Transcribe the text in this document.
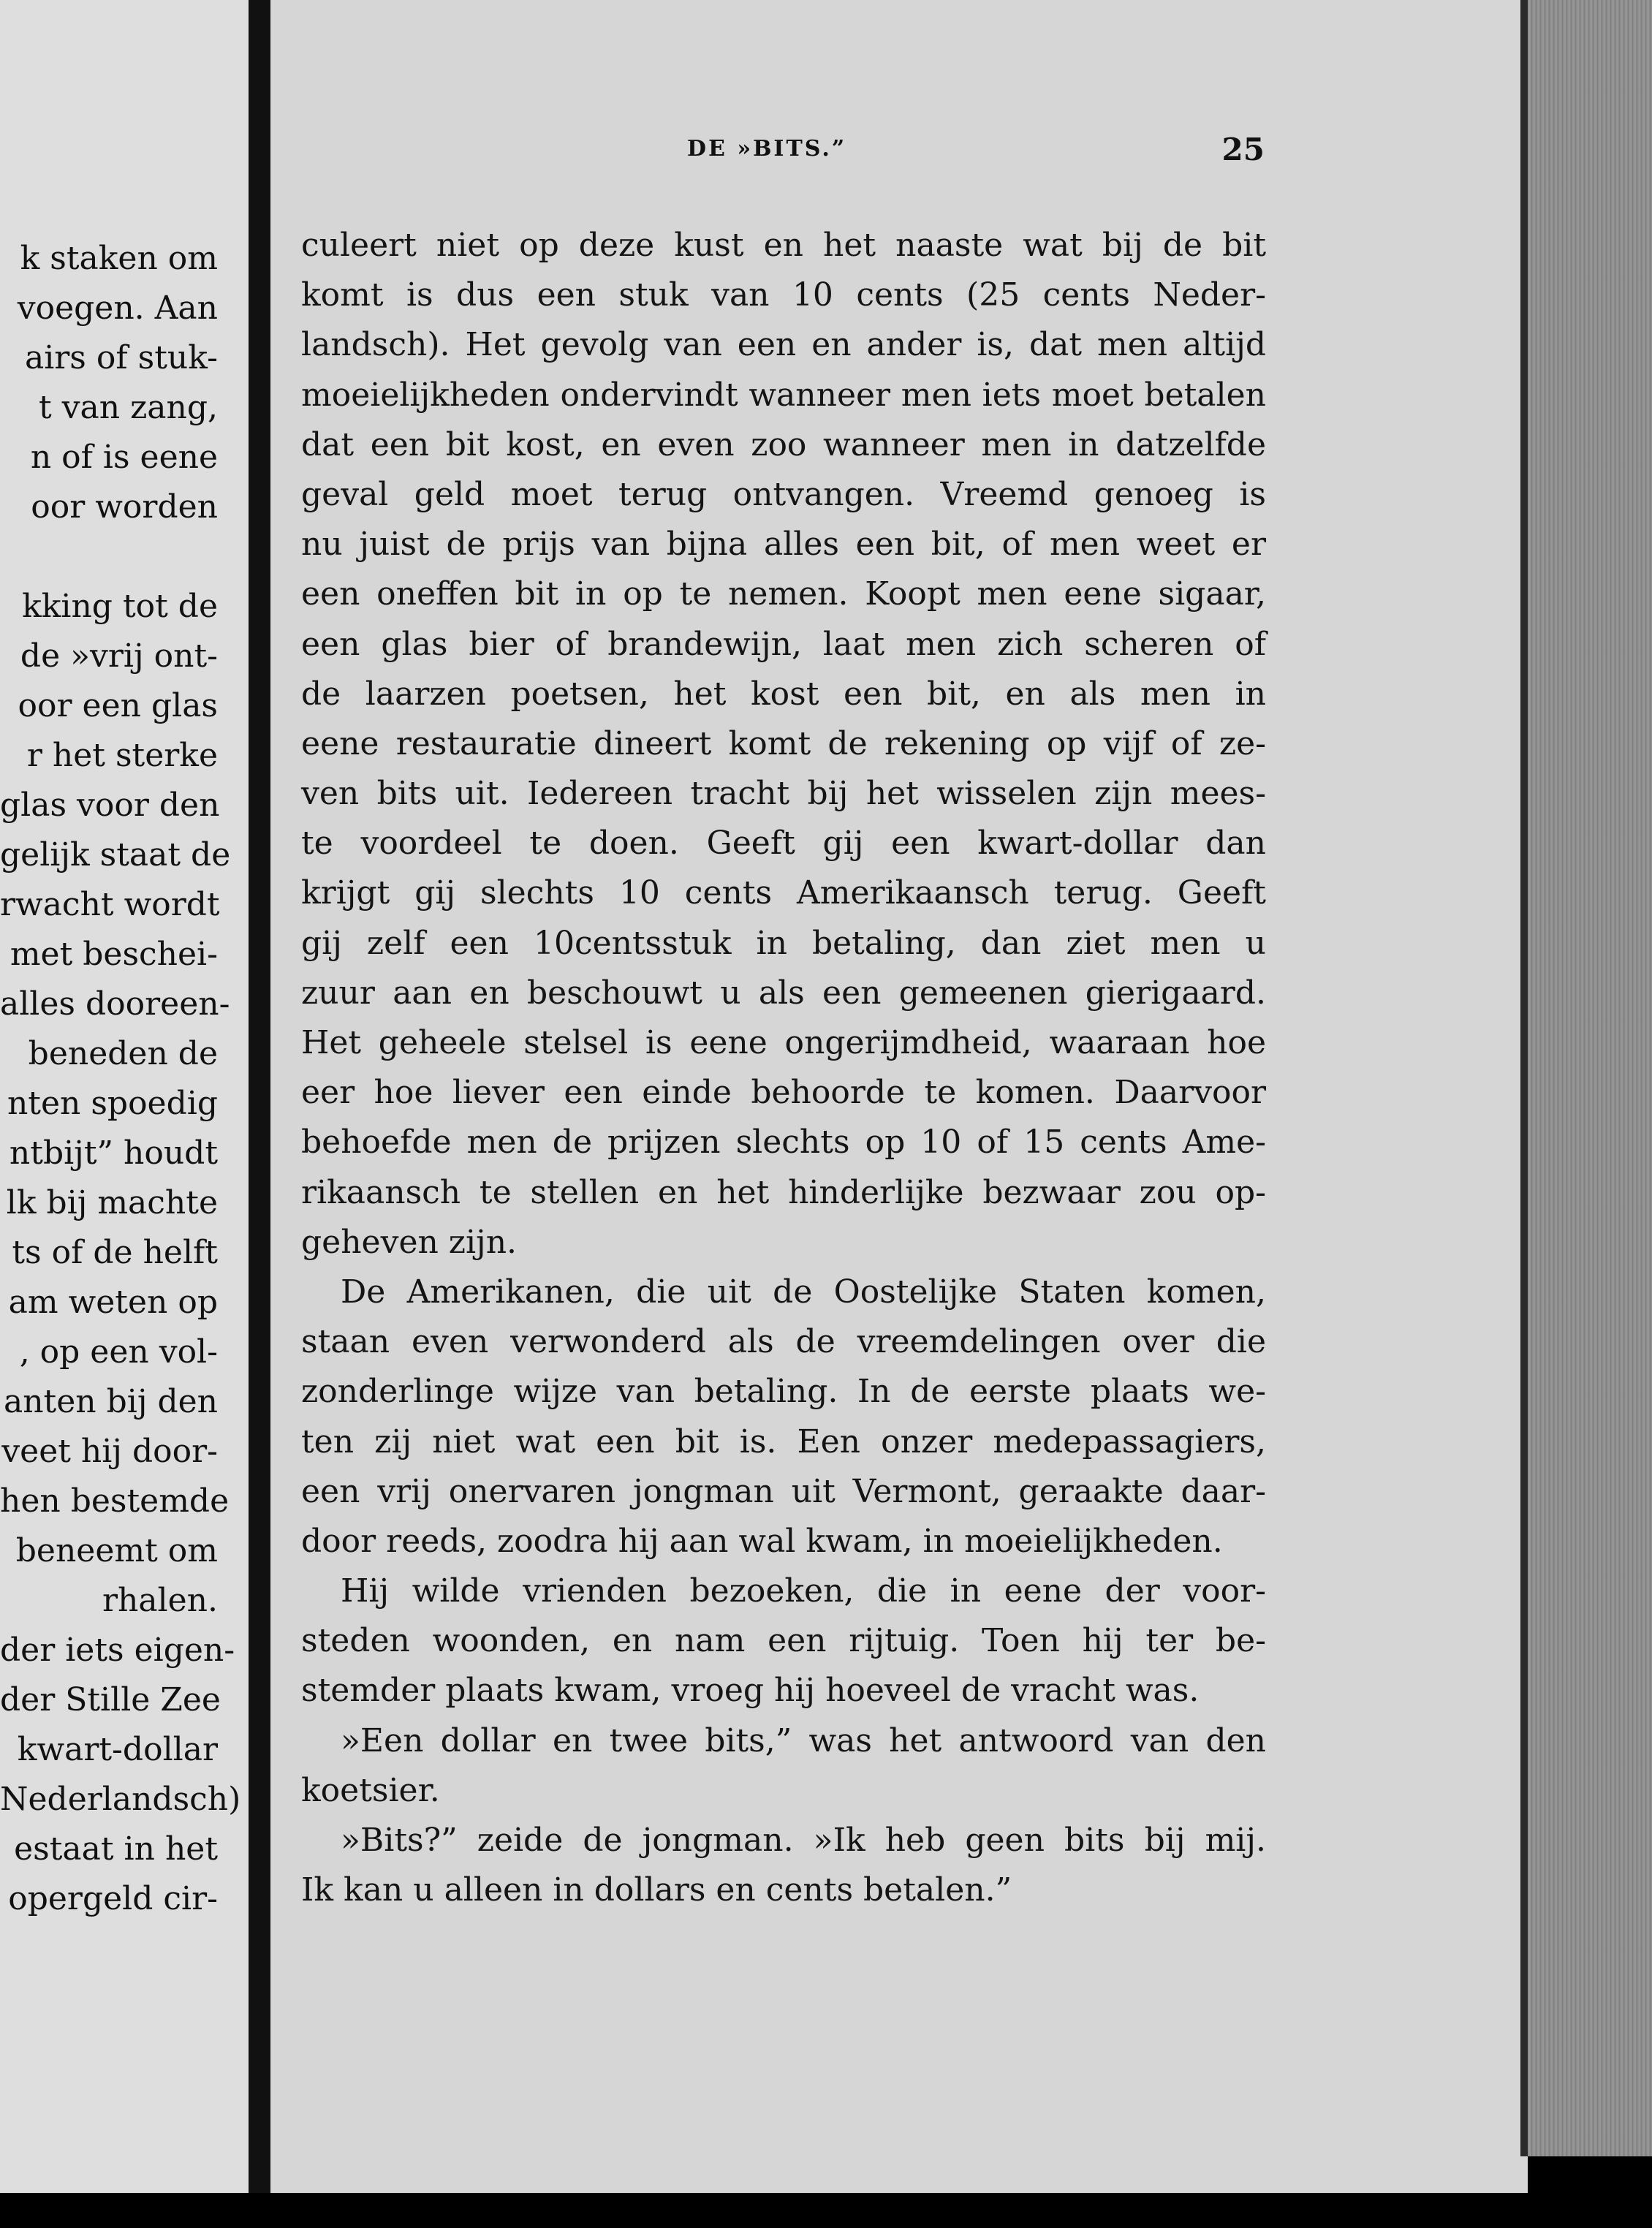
k staken om
voegen. Aan
airs of stuk-
t van zang,
n of is eene
oor worden
kking tot de
de »vrij ont-
oor een glas
r het sterke
glas voor den
gelijk staat de
rwacht wordt
met beschei-
alles dooreen-
beneden de
nten spoedig
ntbijt” houdt
lk bij machte
ts of de helft
am weten op
, op een vol-
anten bij den
veet hij door-
hen bestemde
beneemt om
rhalen.
der iets eigen-
der Stille Zee
kwart-dollar
Nederlandsch)
estaat in het
opergeld cir-
DE »BITS.”	25
culeert niet op deze kust en het naaste wat bij de bit
komt is dus een stuk van 10 cents (25 cents Neder-
landsch). Het gevolg van een en ander is, dat men altijd
moeielijkheden ondervindt wanneer men iets moet betalen
dat een bit kost, en even zoo wanneer men in datzelfde
geval geld moet terug ontvangen. Vreemd genoeg is
nu juist de prijs van bijna alles een bit, of men weet er
een oneffen bit in op te nemen. Koopt men eene sigaar,
een glas bier of brandewijn, laat men zich scheren of
de laarzen poetsen, het kost een bit, en als men in
eene restauratie dineert komt de rekening op vijf of ze-
ven bits uit. Iedereen tracht bij het wisselen zijn mees-
te voordeel te doen. Geeft gij een kwart-dollar dan
krijgt gij slechts 10 cents Amerikaansch terug. Geeft
gij zelf een 10centsstuk in betaling, dan ziet men u
zuur aan en beschouwt u als een gemeenen gierigaard.
Het geheele stelsel is eene ongerijmdheid, waaraan hoe
eer hoe liever een einde behoorde te komen. Daarvoor
behoefde men de prijzen slechts op 10 of 15 cents Ame-
rikaansch te stellen en het hinderlijke bezwaar zou op-
geheven zijn.
De Amerikanen, die uit de Oostelijke Staten komen,
staan even verwonderd als de vreemdelingen over die
zonderlinge wijze van betaling. In de eerste plaats we-
ten zij niet wat een bit is. Een onzer medepassagiers,
een vrij onervaren jongman uit Vermont, geraakte daar-
door reeds, zoodra hij aan wal kwam, in moeielijkheden.
Hij wilde vrienden bezoeken, die in eene der voor-
steden woonden, en nam een rijtuig. Toen hij ter be-
stemder plaats kwam, vroeg hij hoeveel de vracht was.
»Een dollar en twee bits,” was het antwoord van den
koetsier.
»Bits?” zeide de jongman. »Ik heb geen bits bij mij.
Ik kan u alleen in dollars en cents betalen.”
